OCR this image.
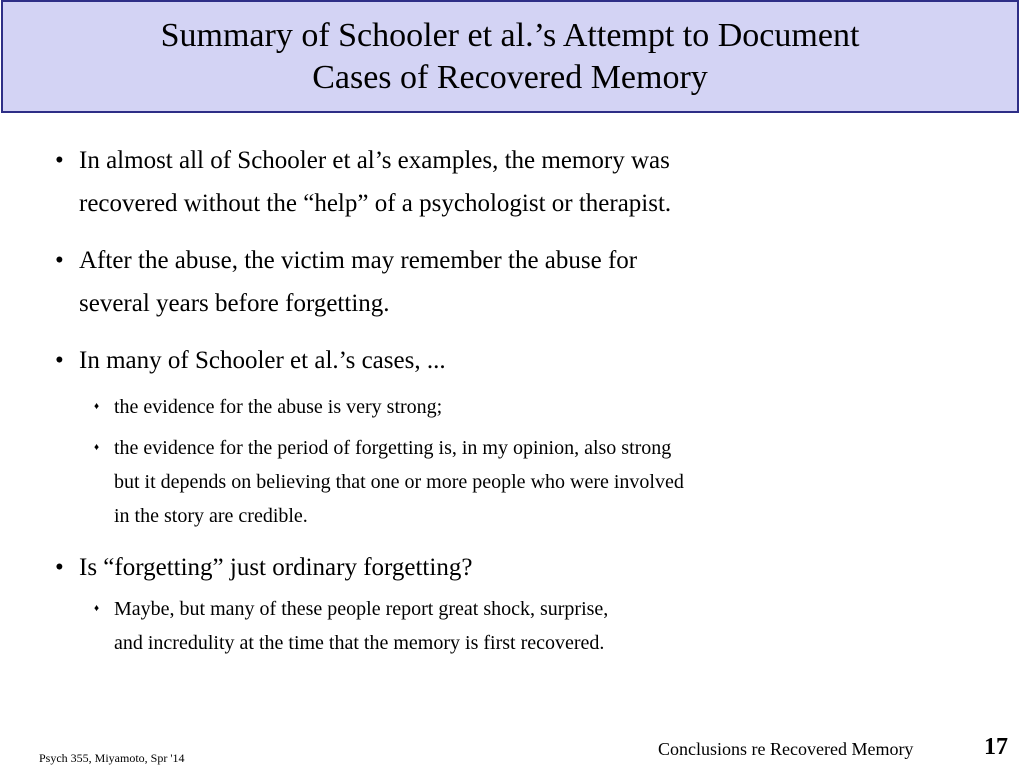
Summary of Schooler et al.’s Attempt to Document
Cases of Recovered Memory
• In almost all of Schooler et al’s examples, the memory was
recovered without the “help” of a psychologist or therapist.
• After the abuse, the victim may remember the abuse for
several years before forgetting.
• In many of Schooler et al.’s cases, ...
♦ the evidence for the abuse is very strong;
♦ the evidence for the period of forgetting is, in my opinion, also strong
but it depends on believing that one or more people who were involved
in the story are credible.
• Is “forgetting” just ordinary forgetting?
♦ Maybe, but many of these people report great shock, surprise,
and incredulity at the time that the memory is first recovered.
Psych 355, Miyamoto, Spr '14	Conclusions re Recovered Memory	17
